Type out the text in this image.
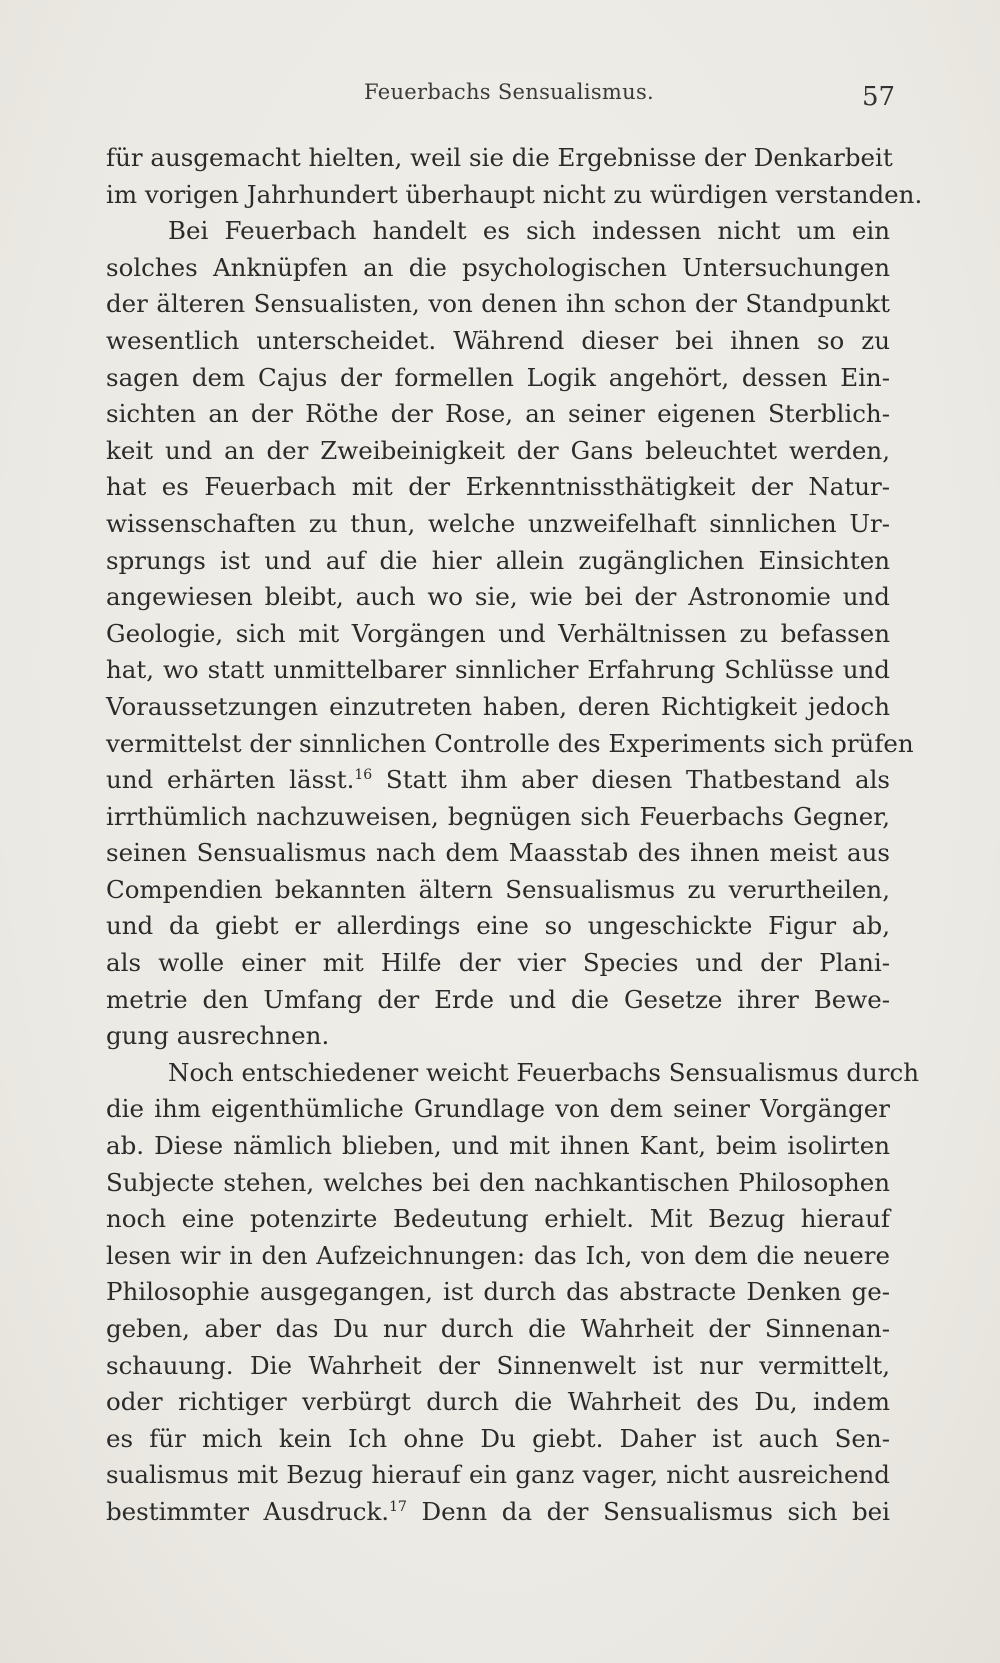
Feuerbachs Sensualismus.	57
für ausgemacht hielten, weil sie die Ergebnisse der Denkarbeit
im vorigen Jahrhundert überhaupt nicht zu würdigen verstanden.
Bei Feuerbach handelt es sich indessen nicht um ein
solches Anknüpfen an die psychologischen Untersuchungen
der älteren Sensualisten, von denen ihn schon der Standpunkt
wesentlich unterscheidet. Während dieser bei ihnen so zu
sagen dem Cajus der formellen Logik angehört, dessen Ein-
sichten an der Röthe der Rose, an seiner eigenen Sterblich-
keit und an der Zweibeinigkeit der Gans beleuchtet werden,
hat es Feuerbach mit der Erkenntnissthätigkeit der Natur-
wissenschaften zu thun, welche unzweifelhaft sinnlichen Ur-
sprungs ist und auf die hier allein zugänglichen Einsichten
angewiesen bleibt, auch wo sie, wie bei der Astronomie und
Geologie, sich mit Vorgängen und Verhältnissen zu befassen
hat, wo statt unmittelbarer sinnlicher Erfahrung Schlüsse und
Voraussetzungen einzutreten haben, deren Richtigkeit jedoch
vermittelst der sinnlichen Controlle des Experiments sich prüfen
und erhärten lässt.$^{16}$ Statt ihm aber diesen Thatbestand als
irrthümlich nachzuweisen, begnügen sich Feuerbachs Gegner,
seinen Sensualismus nach dem Maasstab des ihnen meist aus
Compendien bekannten ältern Sensualismus zu verurtheilen,
und da giebt er allerdings eine so ungeschickte Figur ab,
als wolle einer mit Hilfe der vier Species und der Plani-
metrie den Umfang der Erde und die Gesetze ihrer Bewe-
gung ausrechnen.
Noch entschiedener weicht Feuerbachs Sensualismus durch
die ihm eigenthümliche Grundlage von dem seiner Vorgänger
ab. Diese nämlich blieben, und mit ihnen Kant, beim isolirten
Subjecte stehen, welches bei den nachkantischen Philosophen
noch eine potenzirte Bedeutung erhielt. Mit Bezug hierauf
lesen wir in den Aufzeichnungen: das Ich, von dem die neuere
Philosophie ausgegangen, ist durch das abstracte Denken ge-
geben, aber das Du nur durch die Wahrheit der Sinnenan-
schauung. Die Wahrheit der Sinnenwelt ist nur vermittelt,
oder richtiger verbürgt durch die Wahrheit des Du, indem
es für mich kein Ich ohne Du giebt. Daher ist auch Sen-
sualismus mit Bezug hierauf ein ganz vager, nicht ausreichend
bestimmter Ausdruck.$^{17}$ Denn da der Sensualismus sich bei
